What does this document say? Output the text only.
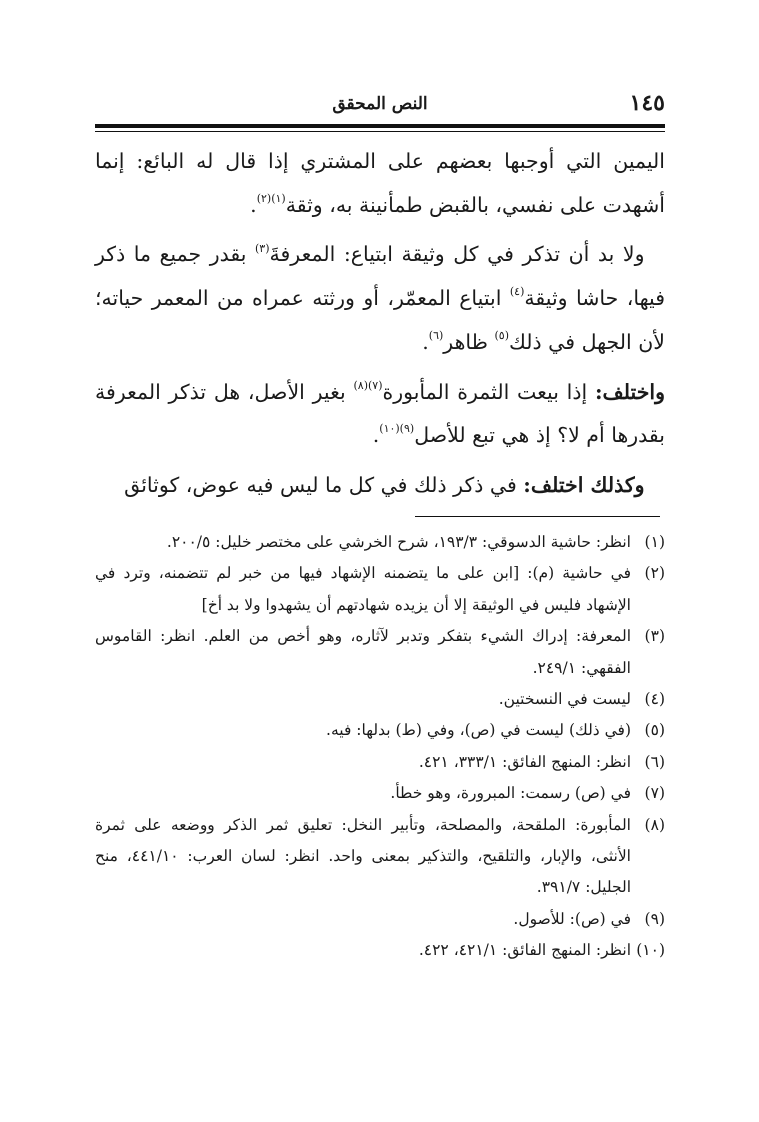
١٤٥
النص المحقق

اليمين التي أوجبها بعضهم على المشتري إذا قال له البائع: إنما أشهدت على نفسي، بالقبض طمأنينة به، وثقة$^{(١)(٢)}$.

 ولا بد أن تذكر في كل وثيقة ابتياع: المعرفةَ$^{(٣)}$ بقدر جميع ما ذكر فيها، حاشا وثيقة$^{(٤)}$ ابتياع المعمّر، أو ورثته عمراه من المعمر حياته؛ لأن الجهل في ذلك$^{(٥)}$ ظاهر$^{(٦)}$.

واختلف: إذا بيعت الثمرة المأبورة$^{(٧)(٨)}$ بغير الأصل، هل تذكر المعرفة بقدرها أم لا؟ إذ هي تبع للأصل$^{(٩)(١٠)}$.

 وكذلك اختلف: في ذكر ذلك في كل ما ليس فيه عوض، كوثائق

(١)انظر: حاشية الدسوقي: ١٩٣/٣، شرح الخرشي على مختصر خليل: ٢٠٠/٥.

(٢)في حاشية (م): [ابن على ما يتضمنه الإشهاد فيها من خبر لم تتضمنه، وترد في الإشهاد فليس في الوثيقة إلا أن يزيده شهادتهم أن يشهدوا ولا بد أخ]

(٣)المعرفة: إدراك الشيء بتفكر وتدبر لآثاره، وهو أخص من العلم. انظر: القاموس الفقهي: ٢٤٩/١.

(٤)ليست في النسختين.

(٥)(في ذلك) ليست في (ص)، وفي (ط) بدلها: فيه.

(٦)انظر: المنهج الفائق: ٣٣٣/١، ٤٢١.

(٧)في (ص) رسمت: المبرورة، وهو خطأ.

(٨)المأبورة: الملقحة، والمصلحة، وتأبير النخل: تعليق ثمر الذكر ووضعه على ثمرة الأنثى، والإبار، والتلقيح، والتذكير بمعنى واحد. انظر: لسان العرب: ٤٤١/١٠، منح الجليل: ٣٩١/٧.

(٩)في (ص): للأصول.

(١٠)انظر: المنهج الفائق: ٤٢١/١، ٤٢٢.
